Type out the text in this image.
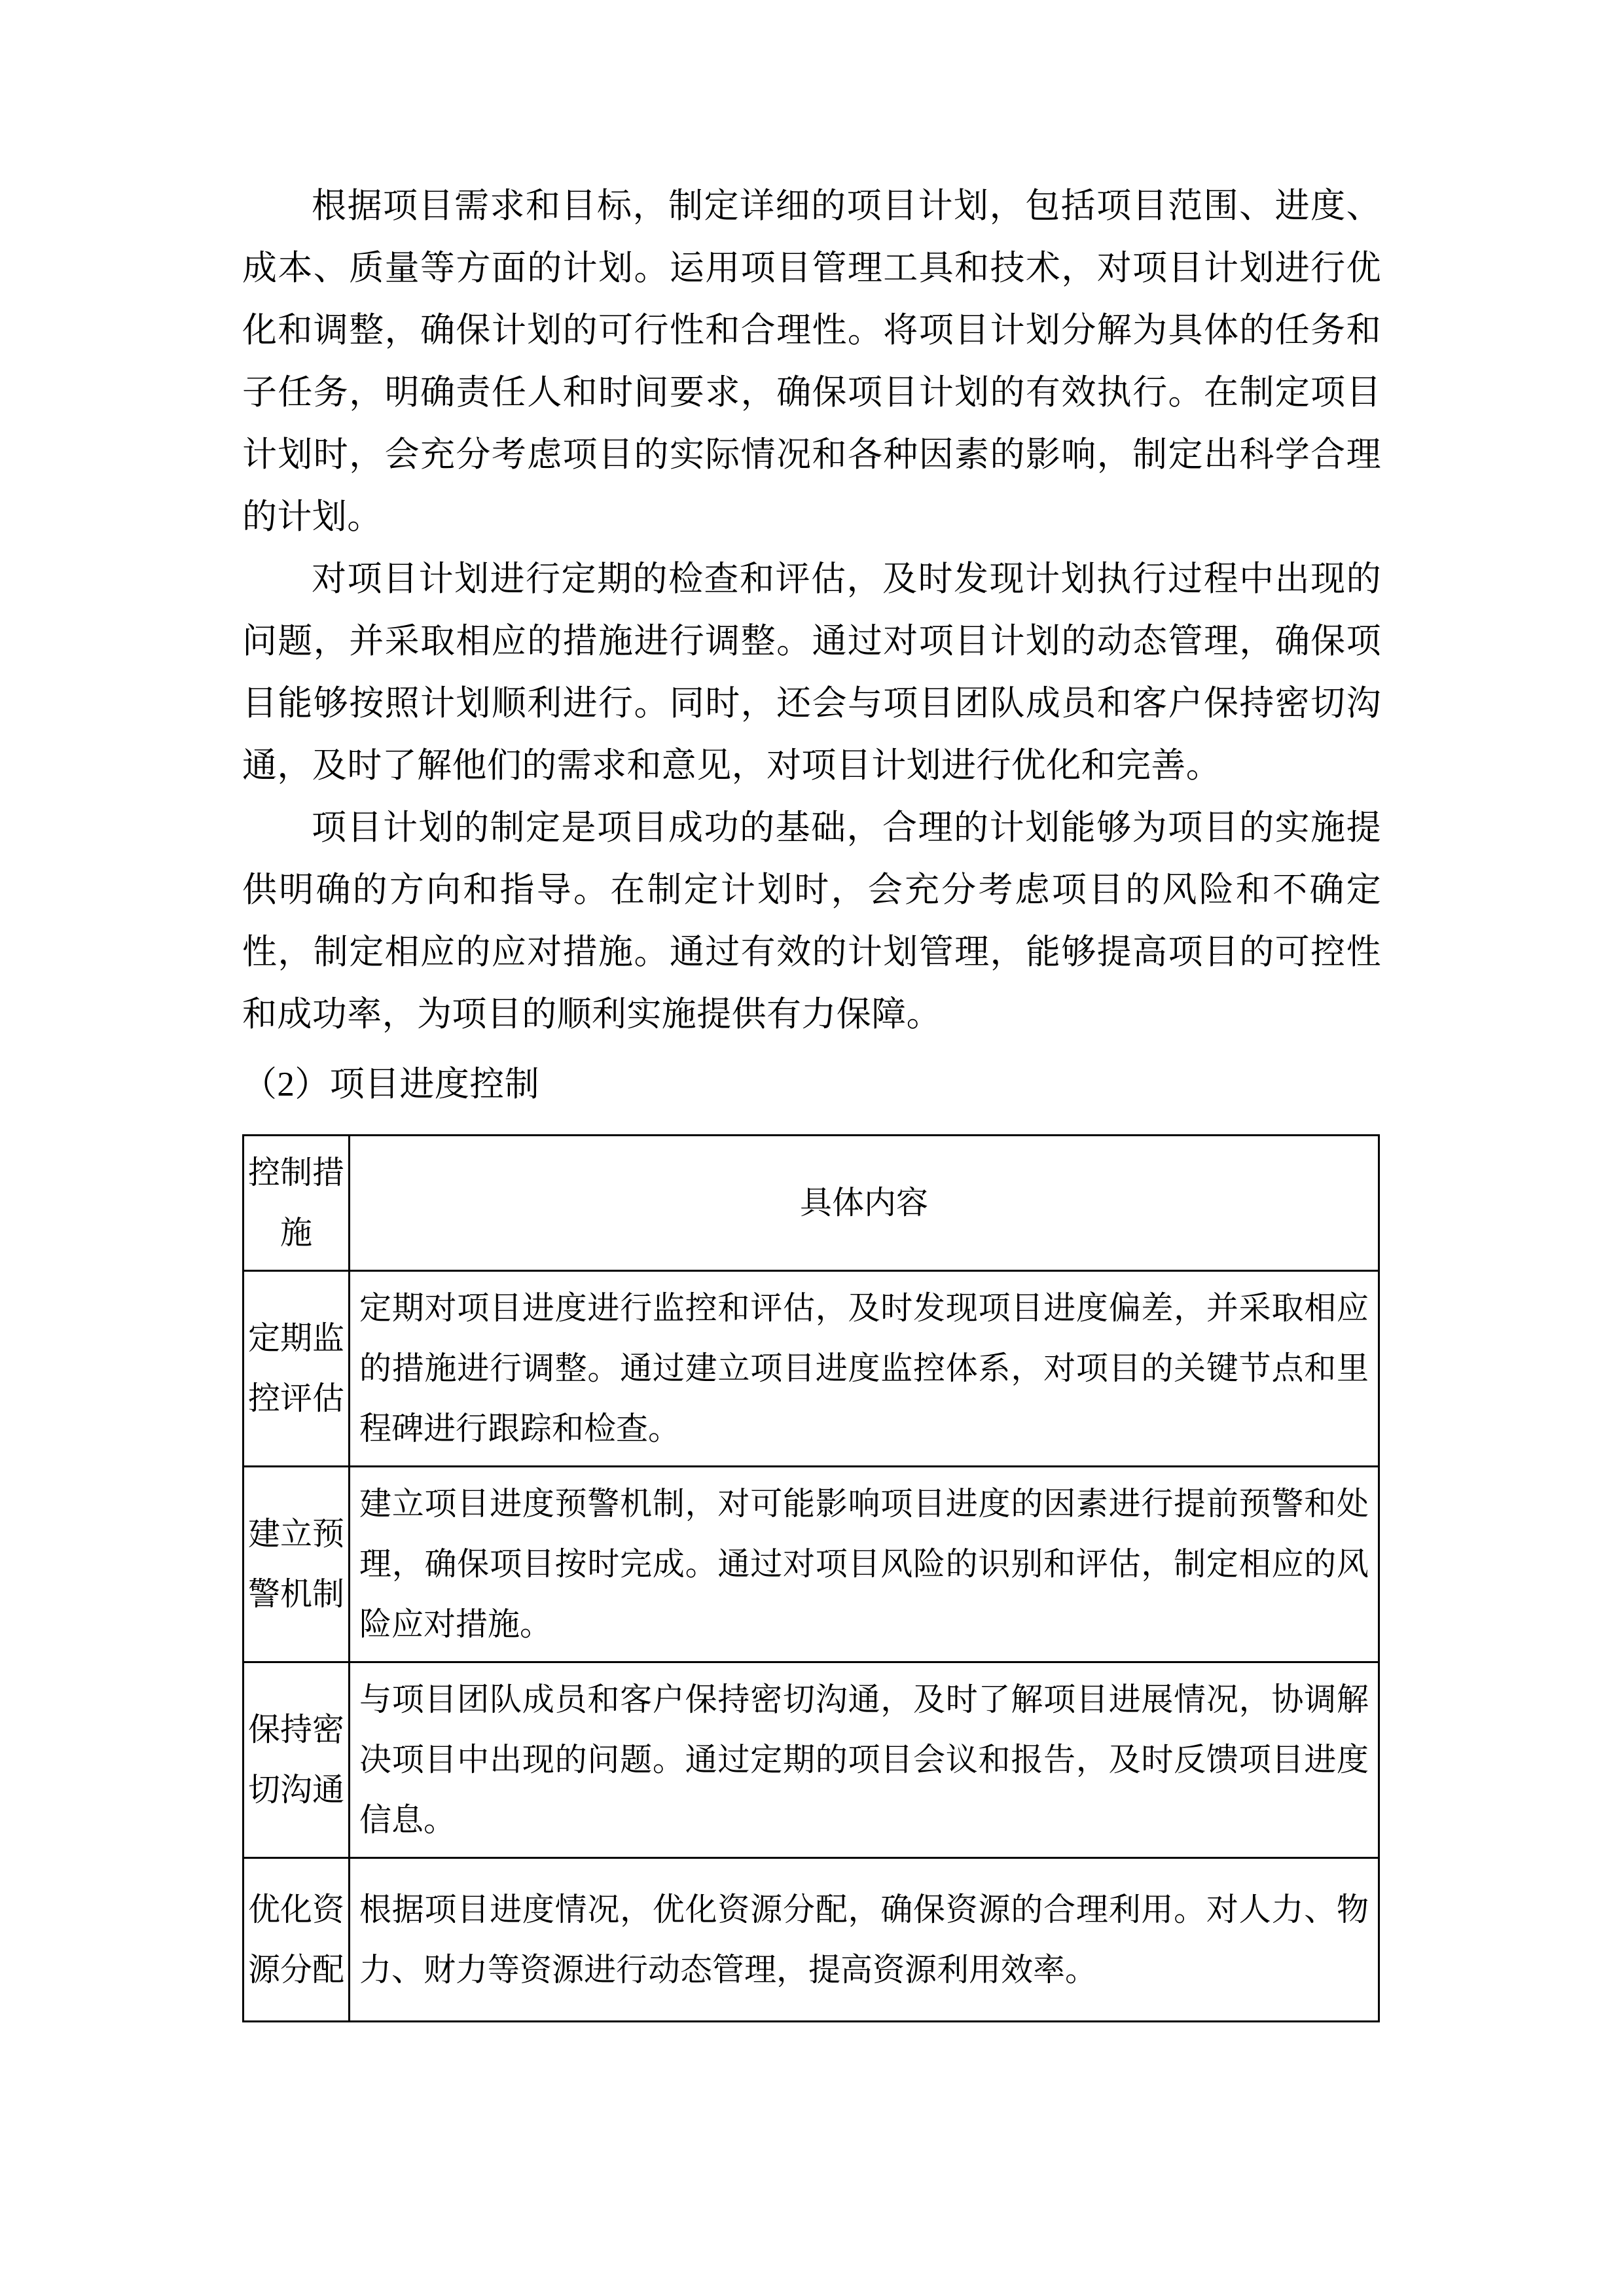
根据项目需求和目标，制定详细的项目计划，包括项目范围、进度、成本、质量等方面的计划。运用项目管理工具和技术，对项目计划进行优化和调整，确保计划的可行性和合理性。将项目计划分解为具体的任务和子任务，明确责任人和时间要求，确保项目计划的有效执行。在制定项目计划时，会充分考虑项目的实际情况和各种因素的影响，制定出科学合理的计划。

对项目计划进行定期的检查和评估，及时发现计划执行过程中出现的问题，并采取相应的措施进行调整。通过对项目计划的动态管理，确保项目能够按照计划顺利进行。同时，还会与项目团队成员和客户保持密切沟通，及时了解他们的需求和意见，对项目计划进行优化和完善。

项目计划的制定是项目成功的基础，合理的计划能够为项目的实施提供明确的方向和指导。在制定计划时，会充分考虑项目的风险和不确定性，制定相应的应对措施。通过有效的计划管理，能够提高项目的可控性和成功率，为项目的顺利实施提供有力保障。

（2）项目进度控制

控制措施	具体内容
定期监控评估	定期对项目进度进行监控和评估，及时发现项目进度偏差，并采取相应的措施进行调整。通过建立项目进度监控体系，对项目的关键节点和里程碑进行跟踪和检查。
建立预警机制	建立项目进度预警机制，对可能影响项目进度的因素进行提前预警和处理，确保项目按时完成。通过对项目风险的识别和评估，制定相应的风险应对措施。
保持密切沟通	与项目团队成员和客户保持密切沟通，及时了解项目进展情况，协调解决项目中出现的问题。通过定期的项目会议和报告，及时反馈项目进度信息。
优化资源分配	根据项目进度情况，优化资源分配，确保资源的合理利用。对人力、物力、财力等资源进行动态管理，提高资源利用效率。
